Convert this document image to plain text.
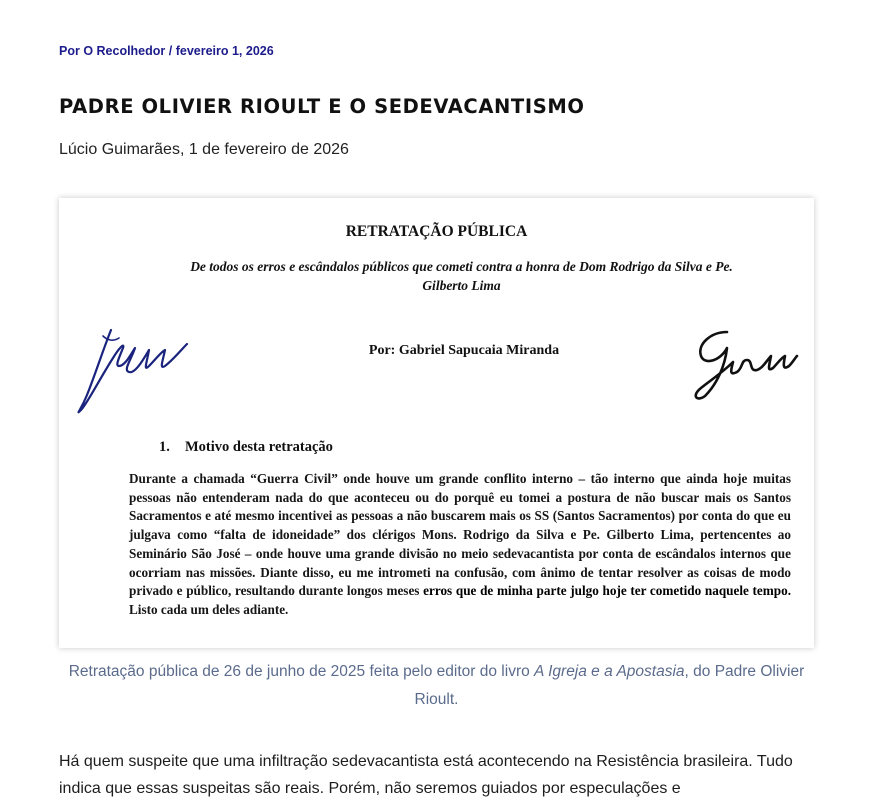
Por O Recolhedor / fevereiro 1, 2026

PADRE OLIVIER RIOULT E O SEDEVACANTISMO

Lúcio Guimarães, 1 de fevereiro de 2026

RETRATAÇÃO PÚBLICA

De todos os erros e escândalos públicos que cometi contra a honra de Dom Rodrigo da Silva e Pe.
Gilberto Lima

Por: Gabriel Sapucaia Miranda

1. Motivo desta retratação

Durante a chamada “Guerra Civil” onde houve um grande conflito interno – tão interno que ainda hoje muitas pessoas não entenderam nada do que aconteceu ou do porquê eu tomei a postura de não buscar mais os Santos Sacramentos e até mesmo incentivei as pessoas a não buscarem mais os SS (Santos Sacramentos) por conta do que eu julgava como “falta de idoneidade” dos clérigos Mons. Rodrigo da Silva e Pe. Gilberto Lima, pertencentes ao Seminário São José – onde houve uma grande divisão no meio sedevacantista por conta de escândalos internos que ocorriam nas missões. Diante disso, eu me intrometi na confusão, com ânimo de tentar resolver as coisas de modo privado e público, resultando durante longos meses erros que de minha parte julgo hoje ter cometido naquele tempo. Listo cada um deles adiante.

Retratação pública de 26 de junho de 2025 feita pelo editor do livro A Igreja e a Apostasia, do Padre Olivier Rioult.

Há quem suspeite que uma infiltração sedevacantista está acontecendo na Resistência brasileira. Tudo indica que essas suspeitas são reais. Porém, não seremos guiados por especulações e
